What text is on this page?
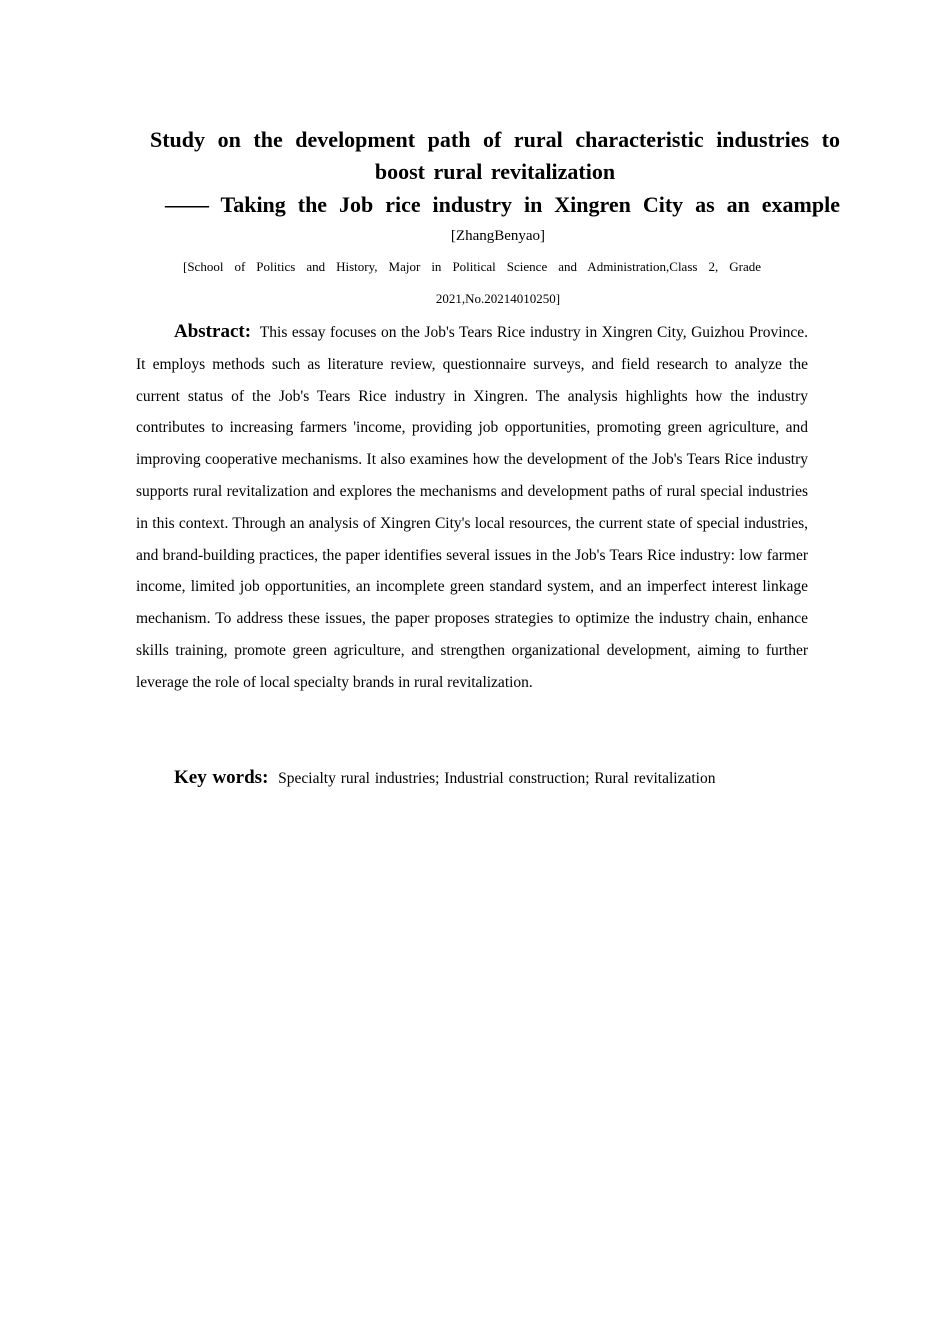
Study on the development path of rural characteristic industries to
boost rural revitalization
—— Taking the Job rice industry in Xingren City as an example
[ZhangBenyao]
[School of Politics and History, Major in Political Science and Administration,Class 2, Grade
2021,No.20214010250]

Abstract: This essay focuses on the Job's Tears Rice industry in Xingren City, Guizhou Province. It employs methods such as literature review, questionnaire surveys, and field research to analyze the current status of the Job's Tears Rice industry in Xingren. The analysis highlights how the industry contributes to increasing farmers 'income, providing job opportunities, promoting green agriculture, and improving cooperative mechanisms. It also examines how the development of the Job's Tears Rice industry supports rural revitalization and explores the mechanisms and development paths of rural special industries in this context. Through an analysis of Xingren City's local resources, the current state of special industries, and brand-building practices, the paper identifies several issues in the Job's Tears Rice industry: low farmer income, limited job opportunities, an incomplete green standard system, and an imperfect interest linkage mechanism. To address these issues, the paper proposes strategies to optimize the industry chain, enhance skills training, promote green agriculture, and strengthen organizational development, aiming to further leverage the role of local specialty brands in rural revitalization.

Key words: Specialty rural industries; Industrial construction; Rural revitalization
